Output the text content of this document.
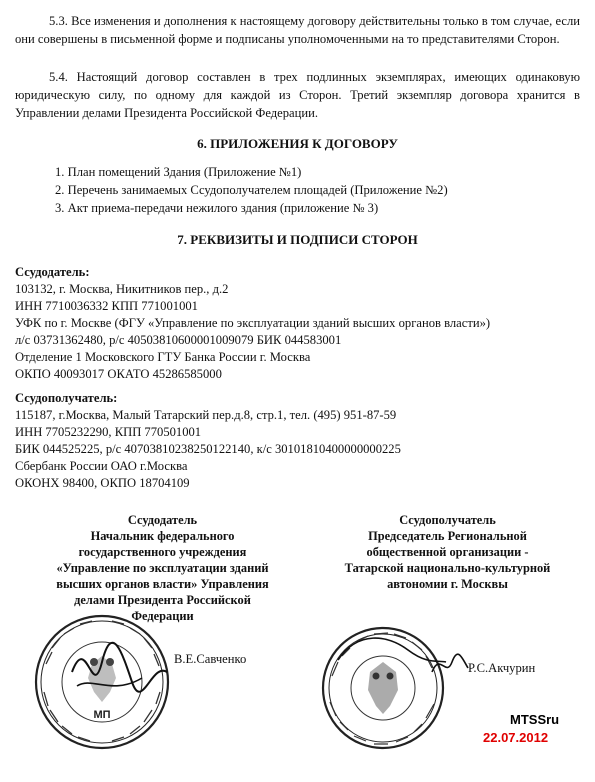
5.3. Все изменения и дополнения к настоящему договору действительны только в том случае, если они совершены в письменной форме и подписаны уполномоченными на то представителями Сторон.
5.4. Настоящий договор составлен в трех подлинных экземплярах, имеющих одинаковую юридическую силу, по одному для каждой из Сторон. Третий экземпляр договора хранится в Управлении делами Президента Российской Федерации.
6. ПРИЛОЖЕНИЯ К ДОГОВОРУ
1. План помещений Здания (Приложение №1)
2. Перечень занимаемых Ссудополучателем площадей (Приложение №2)
3. Акт приема-передачи нежилого здания (приложение № 3)
7. РЕКВИЗИТЫ И ПОДПИСИ СТОРОН
Ссудодатель:
103132, г. Москва, Никитников пер., д.2
ИНН 7710036332 КПП 771001001
УФК по г. Москве (ФГУ «Управление по эксплуатации зданий высших органов власти»)
л/с 03731362480, р/с 40503810600001009079 БИК 044583001
Отделение 1 Московского ГТУ Банка России г. Москва
ОКПО 40093017 ОКАТО 45286585000
Ссудополучатель:
115187, г.Москва, Малый Татарский пер.д.8, стр.1, тел. (495) 951-87-59
ИНН 7705232290, КПП 770501001
БИК 044525225, р/с 40703810238250122140, к/с 30101810400000000225
Сбербанк России ОАО г.Москва
ОКОНХ 98400, ОКПО 18704109
Ссудодатель
Начальник федерального
государственного учреждения
«Управление по эксплуатации зданий
высших органов власти» Управления
делами Президента Российской
Федерации
Ссудополучатель
Председатель Региональной
общественной организации -
Татарской национально-культурной
автономии г. Москвы
МП
В.Е.Савченко
Р.С.Акчурин
MTSSru
22.07.2012
